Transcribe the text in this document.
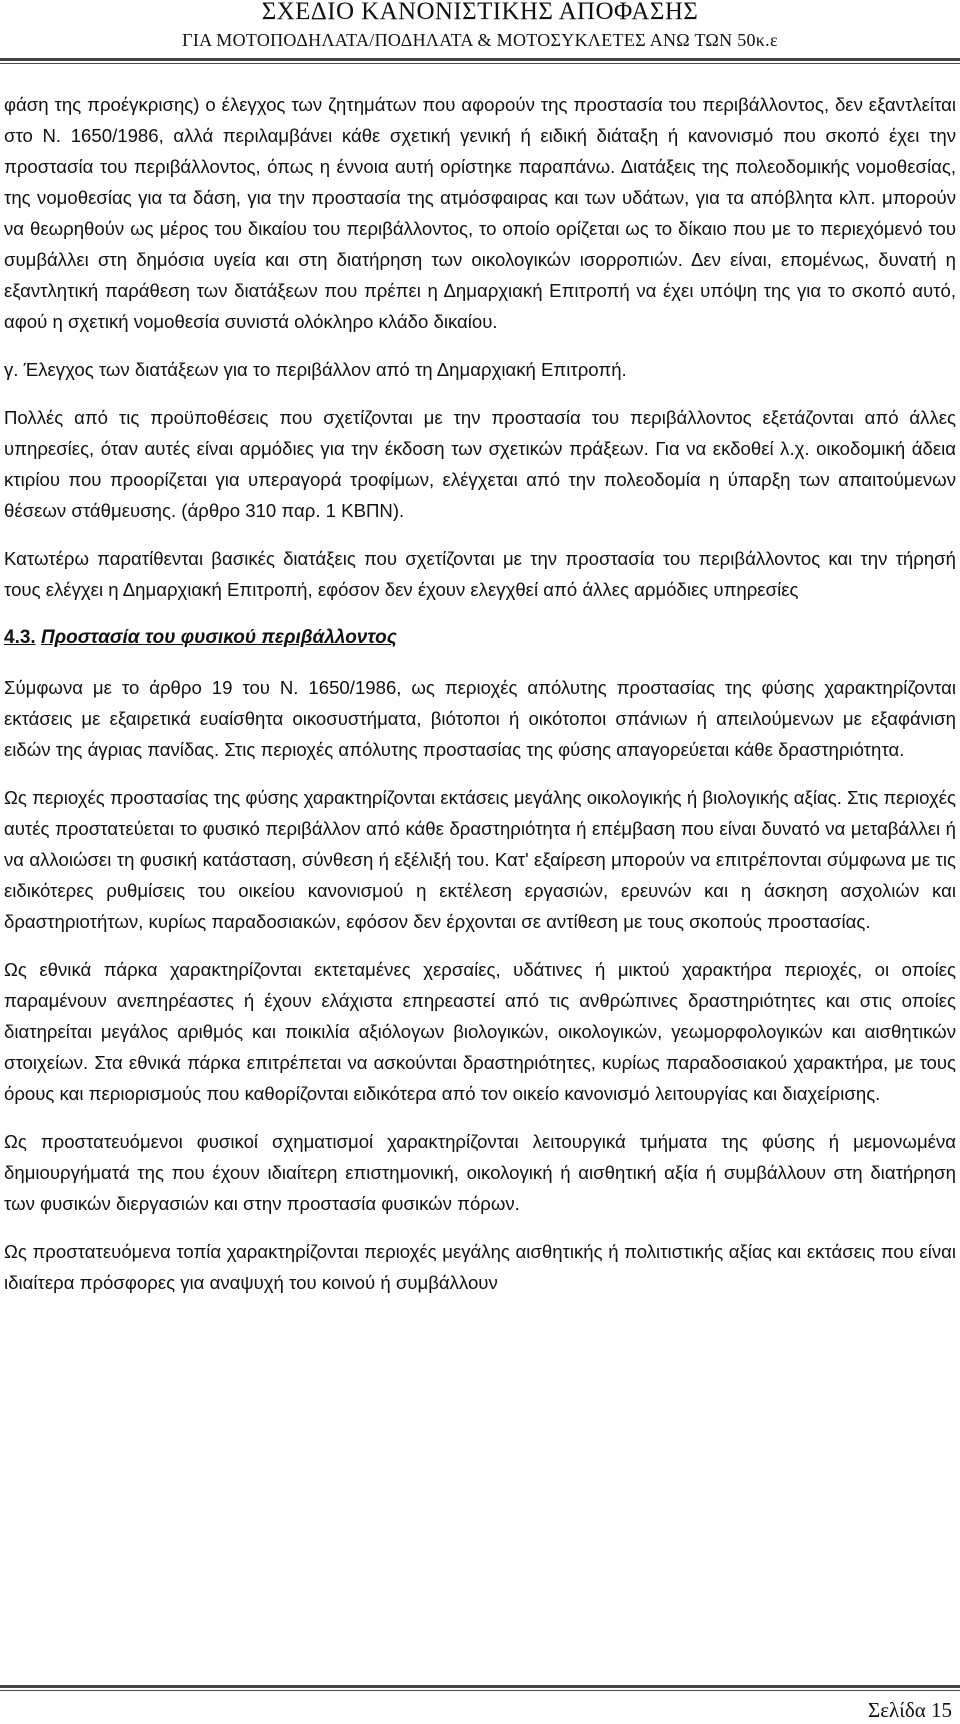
ΣΧΕΔΙΟ ΚΑΝΟΝΙΣΤΙΚΗΣ ΑΠΟΦΑΣΗΣ
ΓΙΑ ΜΟΤΟΠΟΔΗΛΑΤΑ/ΠΟΔΗΛΑΤΑ & ΜΟΤΟΣΥΚΛΕΤΕΣ ΑΝΩ ΤΩΝ 50κ.ε

φάση της προέγκρισης) ο έλεγχος των ζητημάτων που αφορούν της προστασία του περιβάλλοντος, δεν εξαντλείται στο Ν. 1650/1986, αλλά περιλαμβάνει κάθε σχετική γενική ή ειδική διάταξη ή κανονισμό που σκοπό έχει την προστασία του περιβάλλοντος, όπως η έννοια αυτή ορίστηκε παραπάνω. Διατάξεις της πολεοδομικής νομοθεσίας, της νομοθεσίας για τα δάση, για την προστασία της ατμόσφαιρας και των υδάτων, για τα απόβλητα κλπ. μπορούν να θεωρηθούν ως μέρος του δικαίου του περιβάλλοντος, το οποίο ορίζεται ως το δίκαιο που με το περιεχόμενό του συμβάλλει στη δημόσια υγεία και στη διατήρηση των οικολογικών ισορροπιών. Δεν είναι, επομένως, δυνατή η εξαντλητική παράθεση των διατάξεων που πρέπει η Δημαρχιακή Επιτροπή να έχει υπόψη της για το σκοπό αυτό, αφού η σχετική νομοθεσία συνιστά ολόκληρο κλάδο δικαίου.

γ. Έλεγχος των διατάξεων για το περιβάλλον από τη Δημαρχιακή Επιτροπή.

Πολλές από τις προϋποθέσεις που σχετίζονται με την προστασία του περιβάλλοντος εξετάζονται από άλλες υπηρεσίες, όταν αυτές είναι αρμόδιες για την έκδοση των σχετικών πράξεων. Για να εκδοθεί λ.χ. οικοδομική άδεια κτιρίου που προορίζεται για υπεραγορά τροφίμων, ελέγχεται από την πολεοδομία η ύπαρξη των απαιτούμενων θέσεων στάθμευσης. (άρθρο 310 παρ. 1 ΚΒΠΝ).

Κατωτέρω παρατίθενται βασικές διατάξεις που σχετίζονται με την προστασία του περιβάλλοντος και την τήρησή τους ελέγχει η Δημαρχιακή Επιτροπή, εφόσον δεν έχουν ελεγχθεί από άλλες αρμόδιες υπηρεσίες

4.3. Προστασία του φυσικού περιβάλλοντος

Σύμφωνα με το άρθρο 19 του Ν. 1650/1986, ως περιοχές απόλυτης προστασίας της φύσης χαρακτηρίζονται εκτάσεις με εξαιρετικά ευαίσθητα οικοσυστήματα, βιότοποι ή οικότοποι σπάνιων ή απειλούμενων με εξαφάνιση ειδών της άγριας πανίδας. Στις περιοχές απόλυτης προστασίας της φύσης απαγορεύεται κάθε δραστηριότητα.

Ως περιοχές προστασίας της φύσης χαρακτηρίζονται εκτάσεις μεγάλης οικολογικής ή βιολογικής αξίας. Στις περιοχές αυτές προστατεύεται το φυσικό περιβάλλον από κάθε δραστηριότητα ή επέμβαση που είναι δυνατό να μεταβάλλει ή να αλλοιώσει τη φυσική κατάσταση, σύνθεση ή εξέλιξή του. Κατ' εξαίρεση μπορούν να επιτρέπονται σύμφωνα με τις ειδικότερες ρυθμίσεις του οικείου κανονισμού η εκτέλεση εργασιών, ερευνών και η άσκηση ασχολιών και δραστηριοτήτων, κυρίως παραδοσιακών, εφόσον δεν έρχονται σε αντίθεση με τους σκοπούς προστασίας.

Ως εθνικά πάρκα χαρακτηρίζονται εκτεταμένες χερσαίες, υδάτινες ή μικτού χαρακτήρα περιοχές, οι οποίες παραμένουν ανεπηρέαστες ή έχουν ελάχιστα επηρεαστεί από τις ανθρώπινες δραστηριότητες και στις οποίες διατηρείται μεγάλος αριθμός και ποικιλία αξιόλογων βιολογικών, οικολογικών, γεωμορφολογικών και αισθητικών στοιχείων. Στα εθνικά πάρκα επιτρέπεται να ασκούνται δραστηριότητες, κυρίως παραδοσιακού χαρακτήρα, με τους όρους και περιορισμούς που καθορίζονται ειδικότερα από τον οικείο κανονισμό λειτουργίας και διαχείρισης.

Ως προστατευόμενοι φυσικοί σχηματισμοί χαρακτηρίζονται λειτουργικά τμήματα της φύσης ή μεμονωμένα δημιουργήματά της που έχουν ιδιαίτερη επιστημονική, οικολογική ή αισθητική αξία ή συμβάλλουν στη διατήρηση των φυσικών διεργασιών και στην προστασία φυσικών πόρων.

Ως προστατευόμενα τοπία χαρακτηρίζονται περιοχές μεγάλης αισθητικής ή πολιτιστικής αξίας και εκτάσεις που είναι ιδιαίτερα πρόσφορες για αναψυχή του κοινού ή συμβάλλουν

Σελίδα 15
